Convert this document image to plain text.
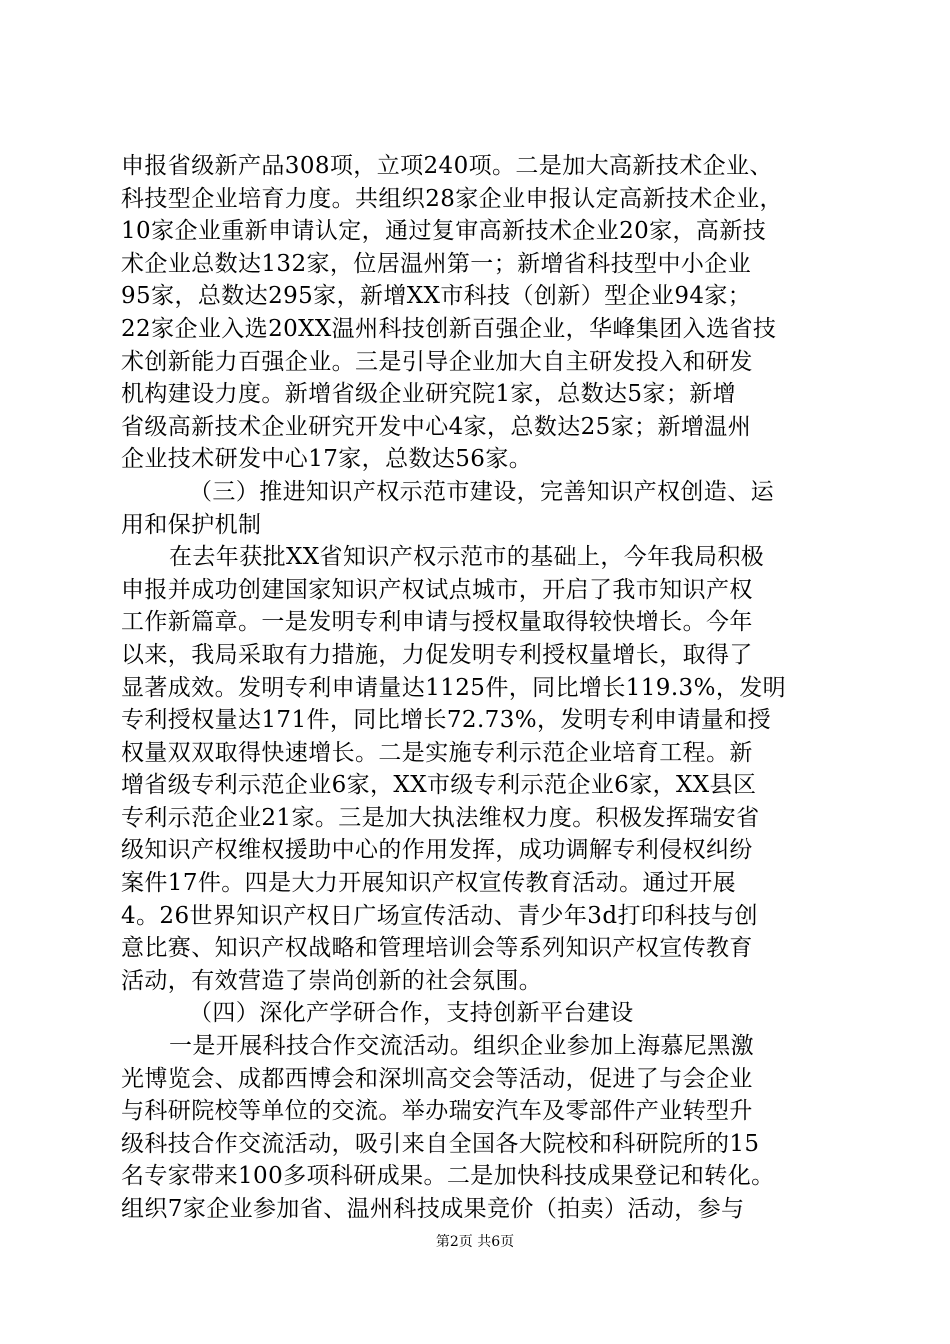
申报省级新产品308项，立项240项。二是加大高新技术企业、
科技型企业培育力度。共组织28家企业申报认定高新技术企业，
10家企业重新申请认定，通过复审高新技术企业20家，高新技
术企业总数达132家，位居温州第一；新增省科技型中小企业
95家，总数达295家，新增XX市科技（创新）型企业94家；
22家企业入选20XX温州科技创新百强企业，华峰集团入选省技
术创新能力百强企业。三是引导企业加大自主研发投入和研发
机构建设力度。新增省级企业研究院1家，总数达5家；新增
省级高新技术企业研究开发中心4家，总数达25家；新增温州
企业技术研发中心17家，总数达56家。
（三）推进知识产权示范市建设，完善知识产权创造、运
用和保护机制
在去年获批XX省知识产权示范市的基础上，今年我局积极
申报并成功创建国家知识产权试点城市，开启了我市知识产权
工作新篇章。一是发明专利申请与授权量取得较快增长。今年
以来，我局采取有力措施，力促发明专利授权量增长，取得了
显著成效。发明专利申请量达1125件，同比增长119.3%，发明
专利授权量达171件，同比增长72.73%，发明专利申请量和授
权量双双取得快速增长。二是实施专利示范企业培育工程。新
增省级专利示范企业6家，XX市级专利示范企业6家，XX县区
专利示范企业21家。三是加大执法维权力度。积极发挥瑞安省
级知识产权维权援助中心的作用发挥，成功调解专利侵权纠纷
案件17件。四是大力开展知识产权宣传教育活动。通过开展
4。26世界知识产权日广场宣传活动、青少年3d打印科技与创
意比赛、知识产权战略和管理培训会等系列知识产权宣传教育
活动，有效营造了崇尚创新的社会氛围。
（四）深化产学研合作，支持创新平台建设
一是开展科技合作交流活动。组织企业参加上海慕尼黑激
光博览会、成都西博会和深圳高交会等活动，促进了与会企业
与科研院校等单位的交流。举办瑞安汽车及零部件产业转型升
级科技合作交流活动，吸引来自全国各大院校和科研院所的15
名专家带来100多项科研成果。二是加快科技成果登记和转化。
组织7家企业参加省、温州科技成果竞价（拍卖）活动，参与
第2页 共6页
